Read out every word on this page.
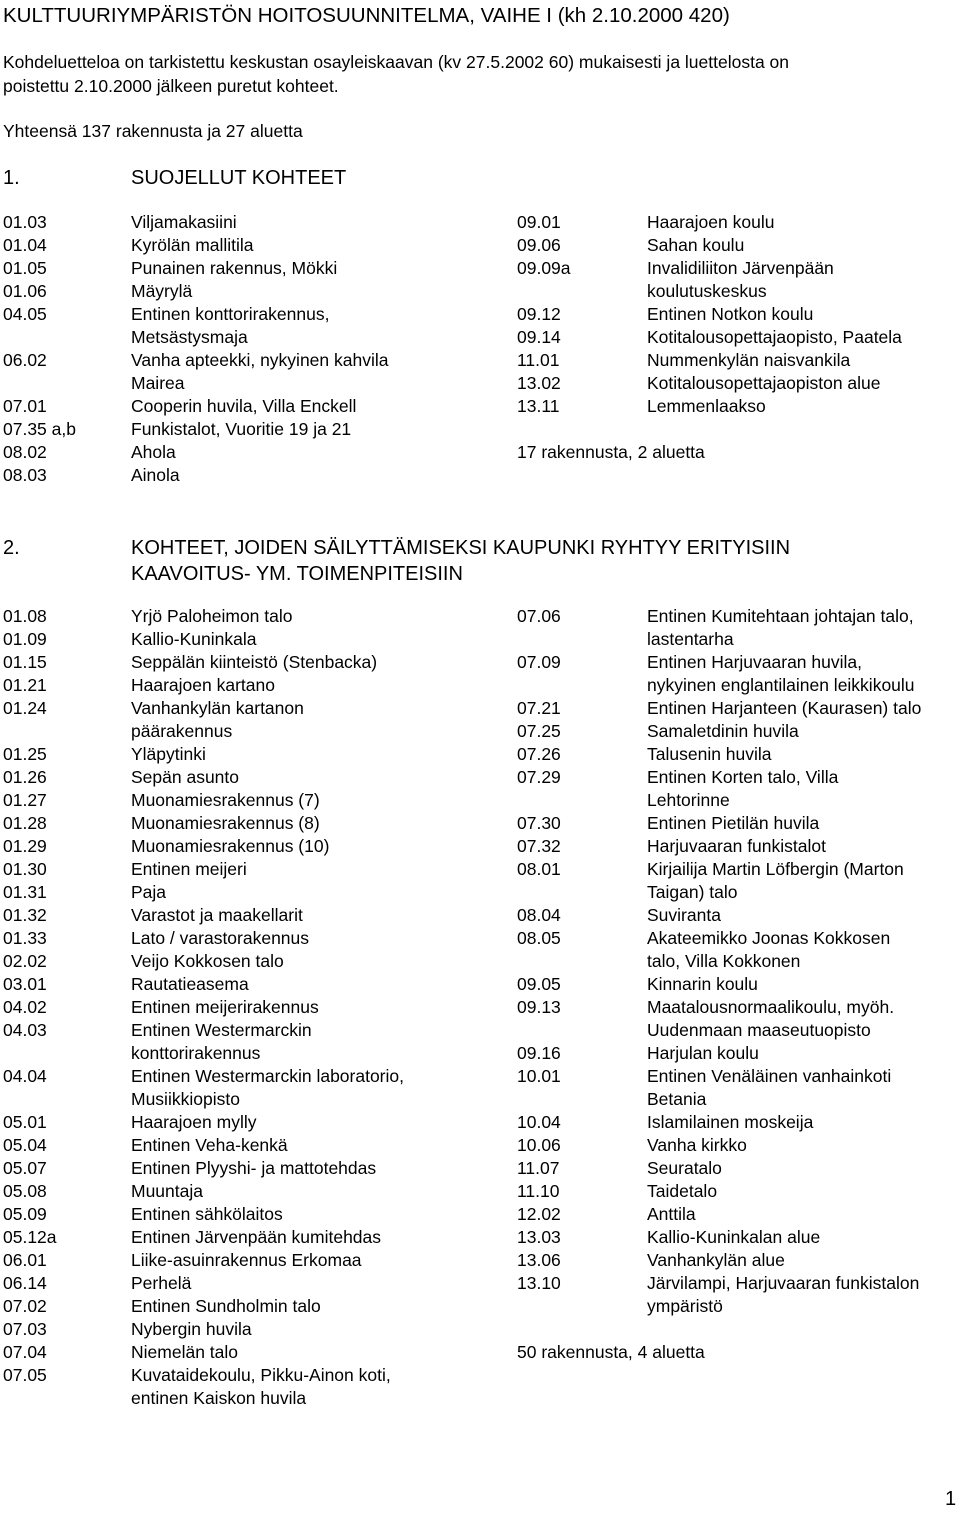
KULTTUURIYMPÄRISTÖN HOITOSUUNNITELMA, VAIHE I (kh 2.10.2000 420)
Kohdeluetteloa on tarkistettu keskustan osayleiskaavan (kv 27.5.2002 60) mukaisesti ja luettelosta on
poistettu 2.10.2000 jälkeen puretut kohteet.
Yhteensä 137 rakennusta ja 27 aluetta
1.	SUOJELLUT KOHTEET
01.03	Viljamakasiini
01.04	Kyrölän mallitila
01.05	Punainen rakennus, Mökki
01.06	Mäyrylä
04.05	Entinen konttorirakennus,
Metsästysmaja
06.02	Vanha apteekki, nykyinen kahvila
Mairea
07.01	Cooperin huvila, Villa Enckell
07.35 a,b	Funkistalot, Vuoritie 19 ja 21
08.02	Ahola
08.03	Ainola
09.01	Haarajoen koulu
09.06	Sahan koulu
09.09a	Invalidiliiton Järvenpään
koulutuskeskus
09.12	Entinen Notkon koulu
09.14	Kotitalousopettajaopisto, Paatela
11.01	Nummenkylän naisvankila
13.02	Kotitalousopettajaopiston alue
13.11	Lemmenlaakso
17 rakennusta, 2 aluetta
2.	KOHTEET, JOIDEN SÄILYTTÄMISEKSI KAUPUNKI RYHTYY ERITYISIIN
KAAVOITUS- YM. TOIMENPITEISIIN
01.08	Yrjö Paloheimon talo
01.09	Kallio-Kuninkala
01.15	Seppälän kiinteistö (Stenbacka)
01.21	Haarajoen kartano
01.24	Vanhankylän kartanon
päärakennus
01.25	Yläpytinki
01.26	Sepän asunto
01.27	Muonamiesrakennus (7)
01.28	Muonamiesrakennus (8)
01.29	Muonamiesrakennus (10)
01.30	Entinen meijeri
01.31	Paja
01.32	Varastot ja maakellarit
01.33	Lato / varastorakennus
02.02	Veijo Kokkosen talo
03.01	Rautatieasema
04.02	Entinen meijerirakennus
04.03	Entinen Westermarckin
konttorirakennus
04.04	Entinen Westermarckin laboratorio,
Musiikkiopisto
05.01	Haarajoen mylly
05.04	Entinen Veha-kenkä
05.07	Entinen Plyyshi- ja mattotehdas
05.08	Muuntaja
05.09	Entinen sähkölaitos
05.12a	Entinen Järvenpään kumitehdas
06.01	Liike-asuinrakennus Erkomaa
06.14	Perhelä
07.02	Entinen Sundholmin talo
07.03	Nybergin huvila
07.04	Niemelän talo
07.05	Kuvataidekoulu, Pikku-Ainon koti,
entinen Kaiskon huvila
07.06	Entinen Kumitehtaan johtajan talo,
lastentarha
07.09	Entinen Harjuvaaran huvila,
nykyinen englantilainen leikkikoulu
07.21	Entinen Harjanteen (Kaurasen) talo
07.25	Samaletdinin huvila
07.26	Talusenin huvila
07.29	Entinen Korten talo, Villa
Lehtorinne
07.30	Entinen Pietilän huvila
07.32	Harjuvaaran funkistalot
08.01	Kirjailija Martin Löfbergin (Marton
Taigan) talo
08.04	Suviranta
08.05	Akateemikko Joonas Kokkosen
talo, Villa Kokkonen
09.05	Kinnarin koulu
09.13	Maatalousnormaalikoulu, myöh.
Uudenmaan maaseutuopisto
09.16	Harjulan koulu
10.01	Entinen Venäläinen vanhainkoti
Betania
10.04	Islamilainen moskeija
10.06	Vanha kirkko
11.07	Seuratalo
11.10	Taidetalo
12.02	Anttila
13.03	Kallio-Kuninkalan alue
13.06	Vanhankylän alue
13.10	Järvilampi, Harjuvaaran funkistalon
ympäristö
50 rakennusta, 4 aluetta
1
